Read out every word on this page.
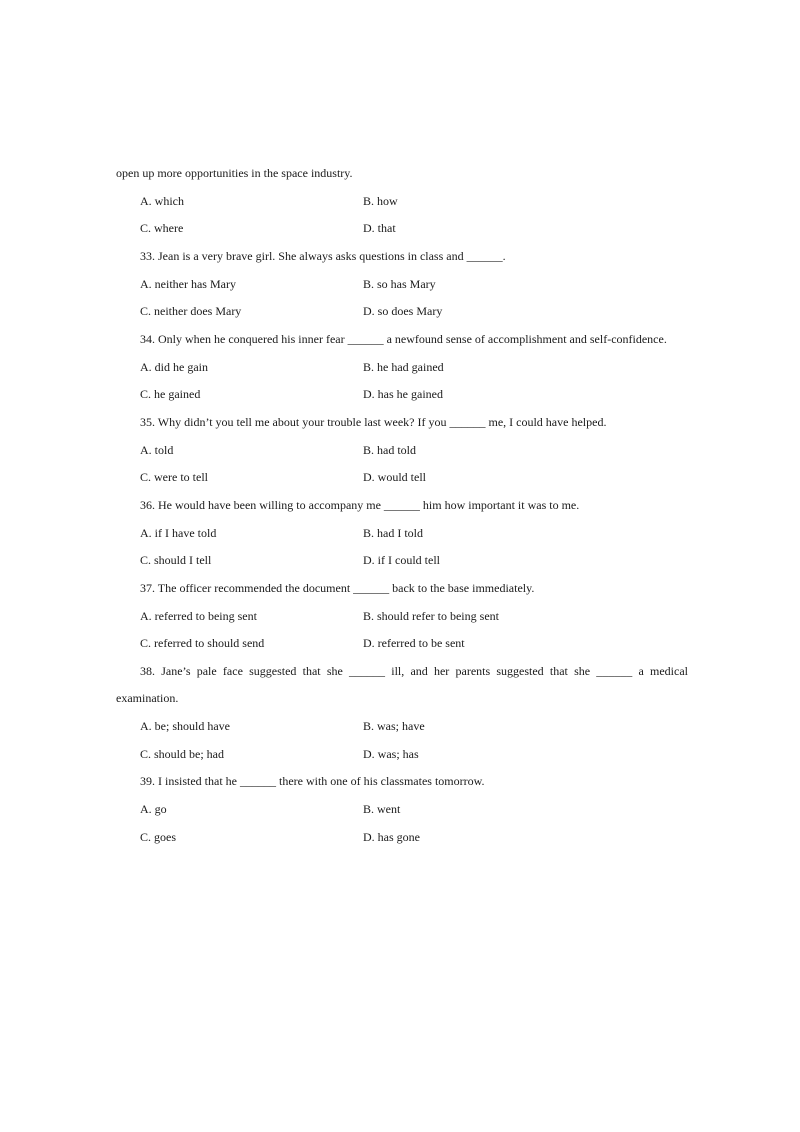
open up more opportunities in the space industry.
A. which	B. how
C. where	D. that
33. Jean is a very brave girl. She always asks questions in class and ______.
A. neither has Mary	B. so has Mary
C. neither does Mary	D. so does Mary
34. Only when he conquered his inner fear ______ a newfound sense of accomplishment and self-confidence.
A. did he gain	B. he had gained
C. he gained	D. has he gained
35. Why didn’t you tell me about your trouble last week? If you ______ me, I could have helped.
A. told	B. had told
C. were to tell	D. would tell
36. He would have been willing to accompany me ______ him how important it was to me.
A. if I have told	B. had I told
C. should I tell	D. if I could tell
37. The officer recommended the document ______ back to the base immediately.
A. referred to being sent	B. should refer to being sent
C. referred to should send	D. referred to be sent
38. Jane’s pale face suggested that she ______ ill, and her parents suggested that she ______ a medical
examination.
A. be; should have	B. was; have
C. should be; had	D. was; has
39. I insisted that he ______ there with one of his classmates tomorrow.
A. go	B. went
C. goes	D. has gone
